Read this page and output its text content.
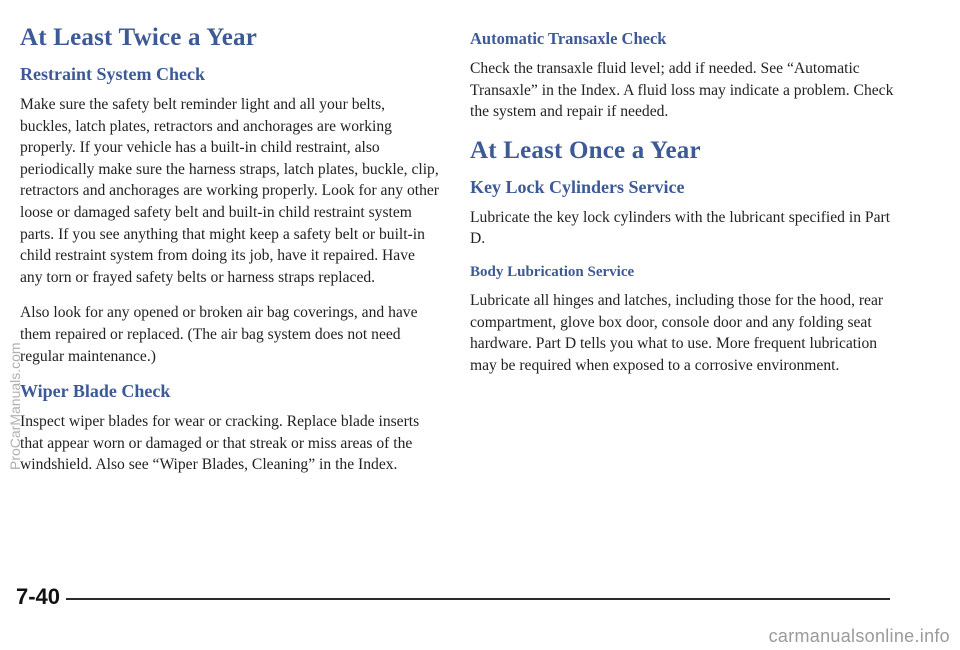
At Least Twice a Year
Restraint System Check

Make sure the safety belt reminder light and all your belts, buckles, latch plates, retractors and anchorages are working properly. If your vehicle has a built-in child restraint, also periodically make sure the harness straps, latch plates, buckle, clip, retractors and anchorages are working properly. Look for any other loose or damaged safety belt and built-in child restraint system parts. If you see anything that might keep a safety belt or built-in child restraint system from doing its job, have it repaired. Have any torn or frayed safety belts or harness straps replaced.

Also look for any opened or broken air bag coverings, and have them repaired or replaced. (The air bag system does not need regular maintenance.)

Wiper Blade Check

Inspect wiper blades for wear or cracking. Replace blade inserts that appear worn or damaged or that streak or miss areas of the windshield. Also see “Wiper Blades, Cleaning” in the Index.

Automatic Transaxle Check

Check the transaxle fluid level; add if needed. See “Automatic Transaxle” in the Index. A fluid loss may indicate a problem. Check the system and repair if needed.

At Least Once a Year
Key Lock Cylinders Service

Lubricate the key lock cylinders with the lubricant specified in Part D.

Body Lubrication Service

Lubricate all hinges and latches, including those for the hood, rear compartment, glove box door, console door and any folding seat hardware. Part D tells you what to use. More frequent lubrication may be required when exposed to a corrosive environment.

7-40
ProCarManuals.com
carmanualsonline.info
